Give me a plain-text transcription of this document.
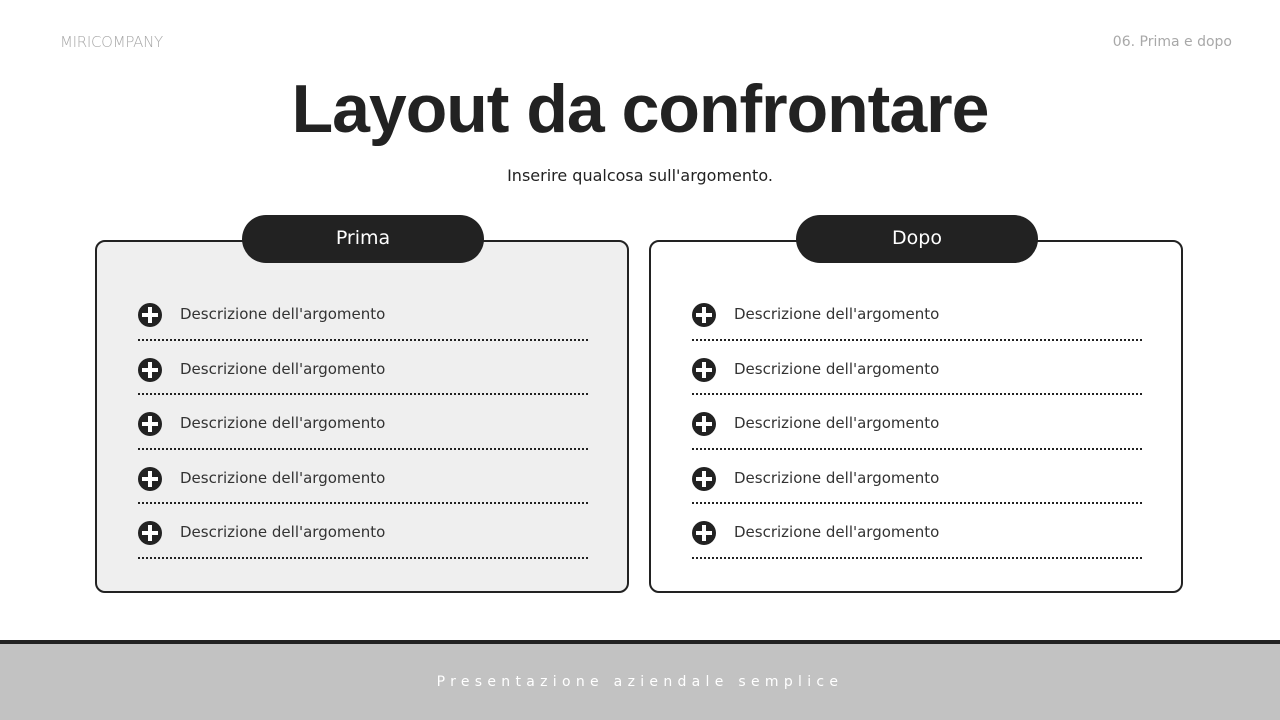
MIRICOMPANY	06. Prima e dopo
Layout da confrontare
Inserire qualcosa sull'argomento.
Prima	Dopo
Descrizione dell'argomento
Descrizione dell'argomento
Descrizione dell'argomento
Descrizione dell'argomento
Descrizione dell'argomento
Descrizione dell'argomento
Descrizione dell'argomento
Descrizione dell'argomento
Descrizione dell'argomento
Descrizione dell'argomento
Presentazione aziendale semplice
